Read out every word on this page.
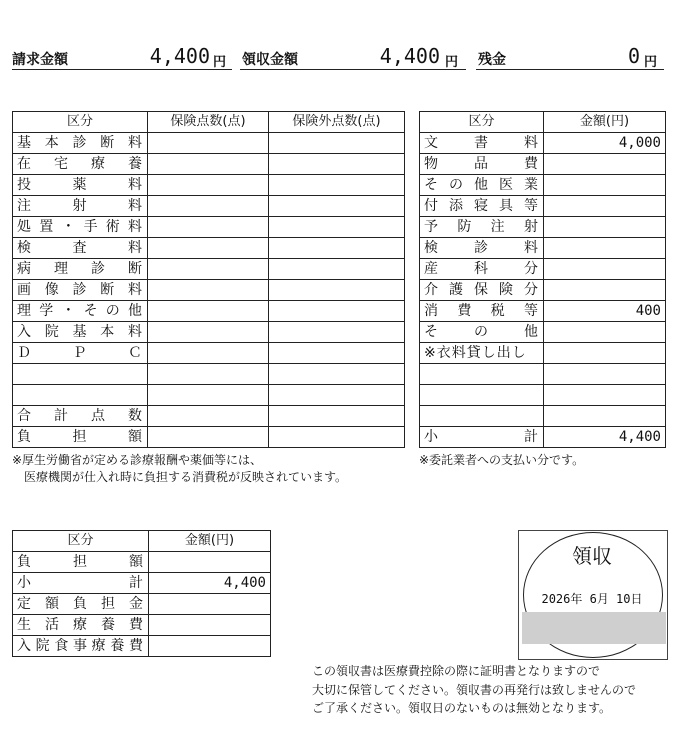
請求金額	4,400 円 領収金額	4,400 円 残金	0 円
区分	保険点数(点)	保険外点数(点)
基本診断料		
在宅療養		
投薬料		
注射料		
処置・手術料		
検査料		
病理診断		
画像診断料		
理学・その他		
入院基本料		
ＤＰＣ		

合計点数		
負担額		
区分	金額(円)
文書料	4,000
物品費	
その他医業	
付添寝具等	
予防注射	
検診料	
産科分	
介護保険分	
消費税等	400
その他	
※衣料貸し出し	

小計	4,400
※厚生労働省が定める診療報酬や薬価等には、
医療機関が仕入れ時に負担する消費税が反映されています。
※委託業者への支払い分です。
区分	金額(円)
負担額	
小計	4,400
定額負担金	
生活療養費	
入院食事療養費	
領収
2026年 6月 10日
この領収書は医療費控除の際に証明書となりますので
大切に保管してください。領収書の再発行は致しませんので
ご了承ください。領収日のないものは無効となります。
